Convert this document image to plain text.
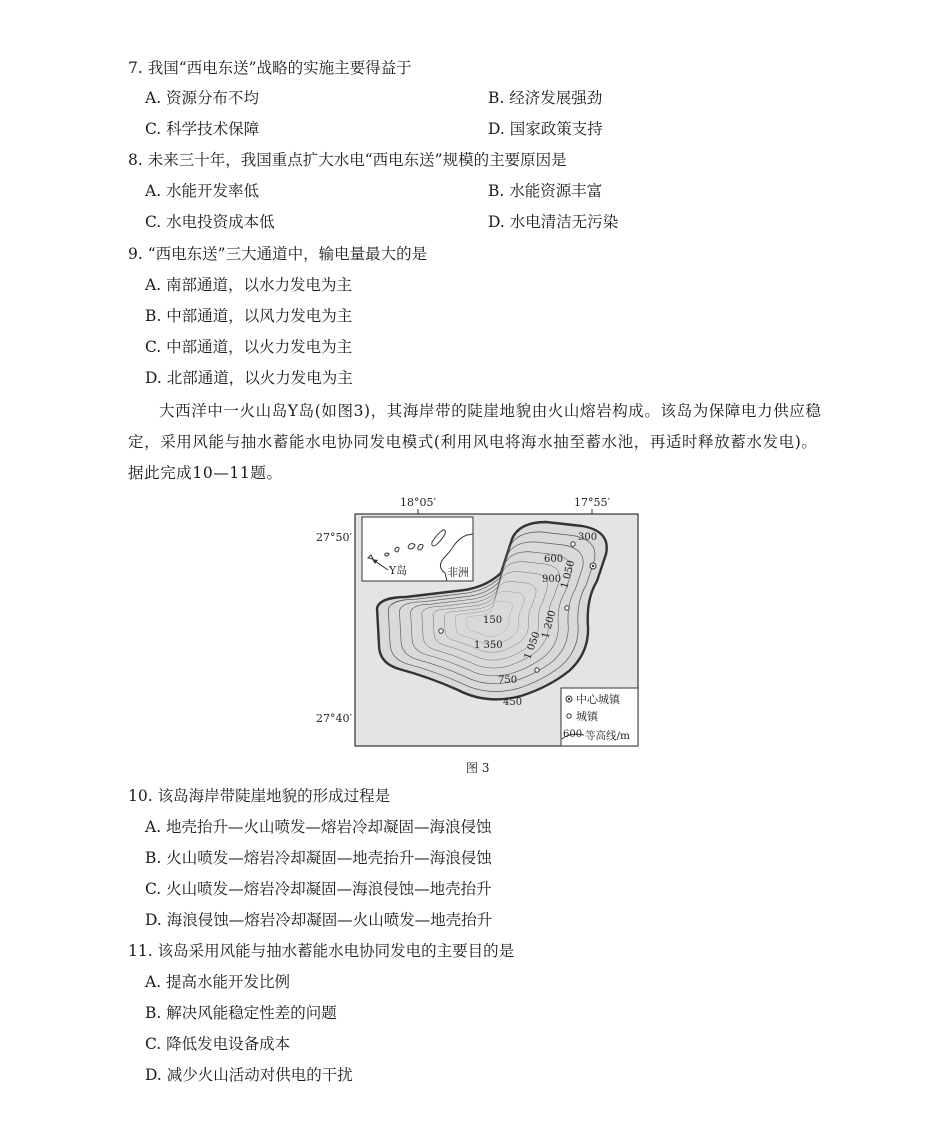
7. 我国“西电东送”战略的实施主要得益于
A. 资源分布不均	B. 经济发展强劲
C. 科学技术保障	D. 国家政策支持
8. 未来三十年，我国重点扩大水电“西电东送”规模的主要原因是
A. 水能开发率低	B. 水能资源丰富
C. 水电投资成本低	D. 水电清洁无污染
9. “西电东送”三大通道中，输电量最大的是
A. 南部通道，以水力发电为主
B. 中部通道，以风力发电为主
C. 中部通道，以火力发电为主
D. 北部通道，以火力发电为主
大西洋中一火山岛Y岛(如图3)，其海岸带的陡崖地貌由火山熔岩构成。该岛为保障电力供应稳定，采用风能与抽水蓄能水电协同发电模式(利用风电将海水抽至蓄水池，再适时释放蓄水发电)。据此完成10—11题。
18°05′	17°55′
27°50′
27°40′
300
600
900
1 050
150	1 200
1 350 1 050
750
450
Y岛	非洲
中心城镇
城镇
600 等高线/m
图 3
10. 该岛海岸带陡崖地貌的形成过程是
A. 地壳抬升—火山喷发—熔岩冷却凝固—海浪侵蚀
B. 火山喷发—熔岩冷却凝固—地壳抬升—海浪侵蚀
C. 火山喷发—熔岩冷却凝固—海浪侵蚀—地壳抬升
D. 海浪侵蚀—熔岩冷却凝固—火山喷发—地壳抬升
11. 该岛采用风能与抽水蓄能水电协同发电的主要目的是
A. 提高水能开发比例
B. 解决风能稳定性差的问题
C. 降低发电设备成本
D. 减少火山活动对供电的干扰
